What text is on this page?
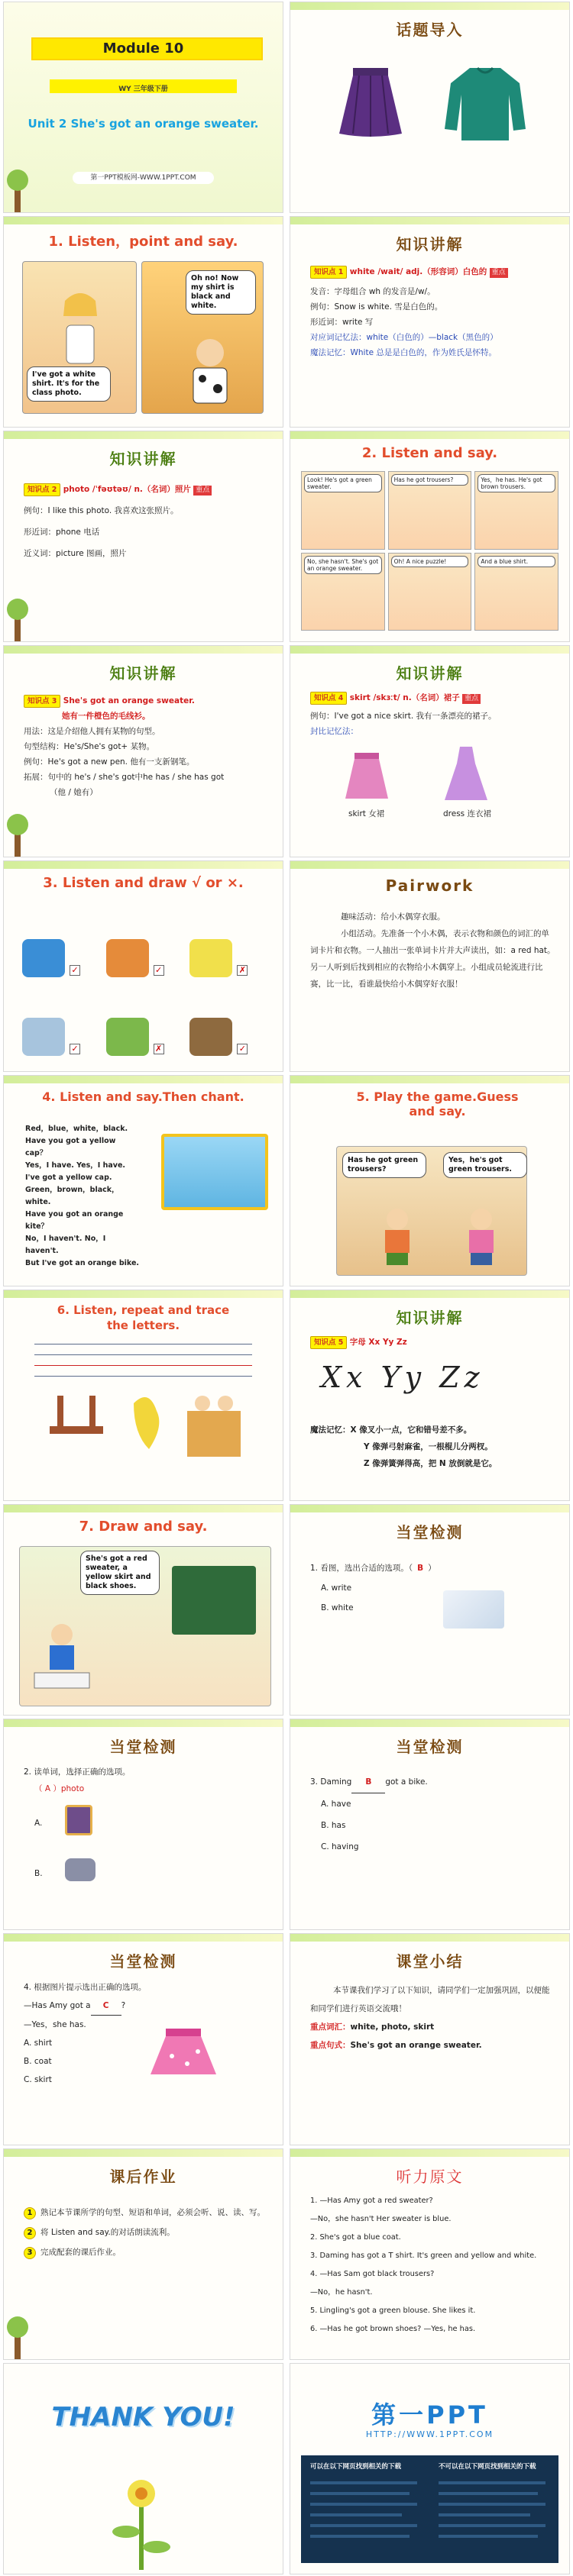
Module 10
WY 三年级下册
Unit 2 She's got an orange sweater.
第一PPT模板网-WWW.1PPT.COM
话题导入
1. Listen，point and say.
I've got a white shirt. It's for the class photo.
Oh no! Now my shirt is black and white.
知识讲解
知识点 1 white /wait/ adj.（形容词）白色的 重点
发音：字母组合 wh 的发音是/w/。
例句：Snow is white. 雪是白色的。
形近词：write 写
对应词记忆法：white（白色的）—black（黑色的）
魔法记忆：White 总是是白色的，作为姓氏是怀特。
知识讲解
知识点 2 photo /ˈfəʊtəʊ/ n.（名词）照片 重点
例句：I like this photo. 我喜欢这张照片。
形近词：phone 电话
近义词：picture 图画，照片
2. Listen and say.
Look! He's got a green sweater.
Has he got trousers?	Yes，he has. He's got brown trousers.
No, she hasn't. She's got an orange sweater.
Oh! A nice puzzle!	And a blue shirt.
知识讲解
知识点 3 She's got an orange sweater.
她有一件橙色的毛线衫。
用法：这是介绍他人拥有某物的句型。
句型结构：He's/She's got+ 某物。
例句：He's got a new pen. 他有一支新钢笔。
拓展：句中的 he's / she's got中he has / she has got
（他 / 她有）
知识讲解
知识点 4 skirt /skɜːt/ n.（名词）裙子 重点
例句：I've got a nice skirt. 我有一条漂亮的裙子。
封比记忆法：
skirt 女裙	dress 连衣裙
3. Listen and draw √ or ×.
✓	✓	✗
✓	✗	✓
Pairwork
趣味活动：给小木偶穿衣服。
小组活动。先准备一个小木偶，表示衣物和颜色的词汇的单词卡片和衣物。一人抽出一张单词卡片并大声读出，如：a red hat。另一人听到后找到相应的衣物给小木偶穿上。小组成员轮流进行比赛，比一比，看谁最快给小木偶穿好衣服！
4. Listen and say.Then chant.
Red，blue，white，black.
Have you got a yellow cap？
Yes，I have. Yes，I have.
I've got a yellow cap.
Green，brown，black，white.
Have you got an orange kite？
No，I haven't. No，I haven't.
But I've got an orange bike.
5. Play the game.Guess and say.
Has he got green trousers?
Yes，he's got green trousers.
6. Listen, repeat and trace the letters.	知识讲解
知识点 5 字母 Xx Yy Zz
Xx Yy Zz
魔法记忆：X 像叉小一点，它和错号差不多。
Y 像弹弓射麻雀，一根棍儿分两杈。
Z 像弹簧弹得高，把 N 放倒就是它。
7. Draw and say.
She's got a red sweater, a yellow skirt and black shoes.
当堂检测
1. 看图，选出合适的选项。（ B ）
A. write
B. white
当堂检测
2. 读单词，选择正确的选项。
（ A ）photo
A.
B.
当堂检测
3. Daming B got a bike.
A. have
B. has
C. having
当堂检测
4. 根据图片提示选出正确的选项。
—Has Amy got a C ?
—Yes，she has.
A. shirt
B. coat
C. skirt
课堂小结
本节课我们学习了以下知识，请同学们一定加强巩固，以便能和同学们进行英语交流哦！
重点词汇：white, photo, skirt
重点句式：She's got an orange sweater.
课后作业
1 熟记本节课所学的句型、短语和单词，必须会听、说、读、写。
2 将 Listen and say.的对话朗读流利。
3 完成配套的课后作业。
听力原文
1. —Has Amy got a red sweater?
—No，she hasn't Her sweater is blue.
2. She's got a blue coat.
3. Daming has got a T shirt. It's green and yellow and white.
4. —Has Sam got black trousers?
—No，he hasn't.
5. Lingling's got a green blouse. She likes it.
6. —Has he got brown shoes? —Yes, he has.
THANK YOU!	第一PPT
HTTP://WWW.1PPT.COM
可以在以下网页找到相关的下载	不可以在以下网页找到相关的下载
